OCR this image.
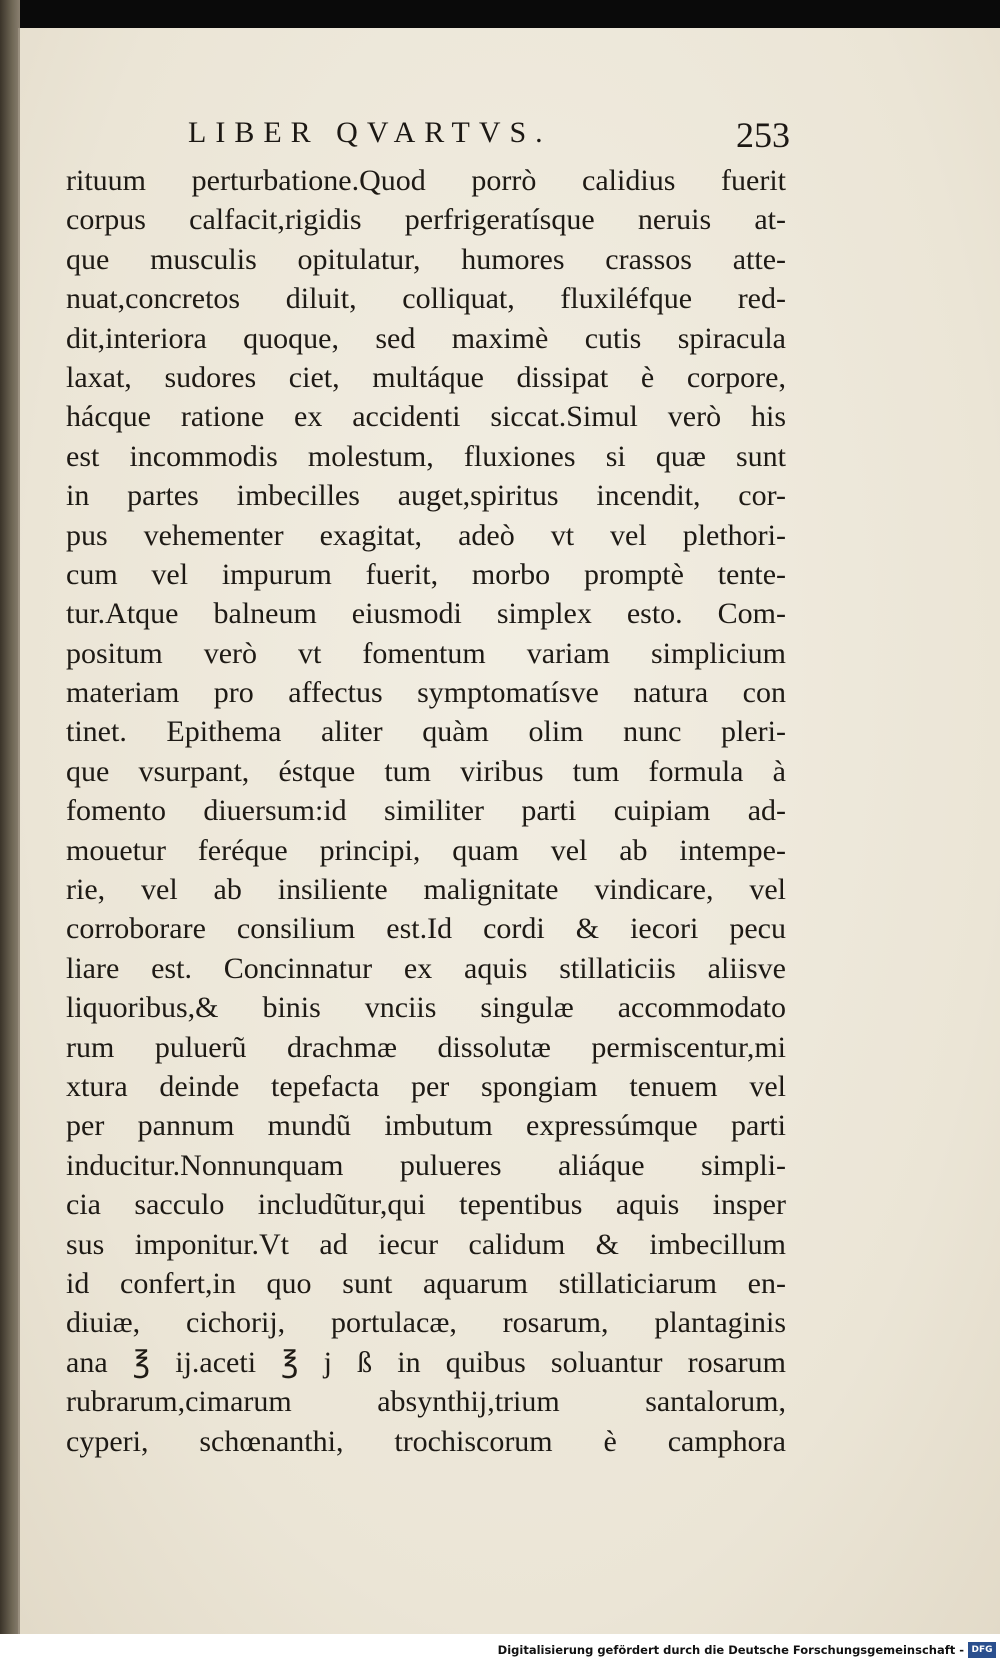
LIBER QVARTVS.	253
rituum perturbatione.Quod porrò calidius fuerit
corpus calfacit,rigidis perfrigeratísque neruis at-
que musculis opitulatur, humores crassos atte-
nuat,concretos diluit, colliquat, fluxiléfque red-
dit,interiora quoque, sed maximè cutis spiracula
laxat, sudores ciet, multáque dissipat è corpore,
hácque ratione ex accidenti siccat.Simul verò his
est incommodis molestum, fluxiones si quæ sunt
in partes imbecilles auget,spiritus incendit, cor-
pus vehementer exagitat, adeò vt vel plethori-
cum vel impurum fuerit, morbo promptè tente-
tur.Atque balneum eiusmodi simplex esto. Com-
positum verò vt fomentum variam simplicium
materiam pro affectus symptomatísve natura con
tinet. Epithema aliter quàm olim nunc pleri-
que vsurpant, éstque tum viribus tum formula à
fomento diuersum:id similiter parti cuipiam ad-
mouetur feréque principi, quam vel ab intempe-
rie, vel ab insiliente malignitate vindicare, vel
corroborare consilium est.Id cordi & iecori pecu
liare est. Concinnatur ex aquis stillaticiis aliisve
liquoribus,& binis vnciis singulæ accommodato
rum puluerũ drachmæ dissolutæ permiscentur,mi
xtura deinde tepefacta per spongiam tenuem vel
per pannum mundũ imbutum expressúmque parti
inducitur.Nonnunquam pulueres aliáque simpli-
cia sacculo includũtur,qui tepentibus aquis insper
sus imponitur.Vt ad iecur calidum & imbecillum
id confert,in quo sunt aquarum stillaticiarum en-
diuiæ, cichorij, portulacæ, rosarum, plantaginis
ana ℥ ij.aceti ℥ j ß in quibus soluantur rosarum
rubrarum,cimarum absynthij,trium santalorum,
cyperi, schœnanthi, trochiscorum è camphora
Digitalisierung gefördert durch die Deutsche Forschungsgemeinschaft - DFG
